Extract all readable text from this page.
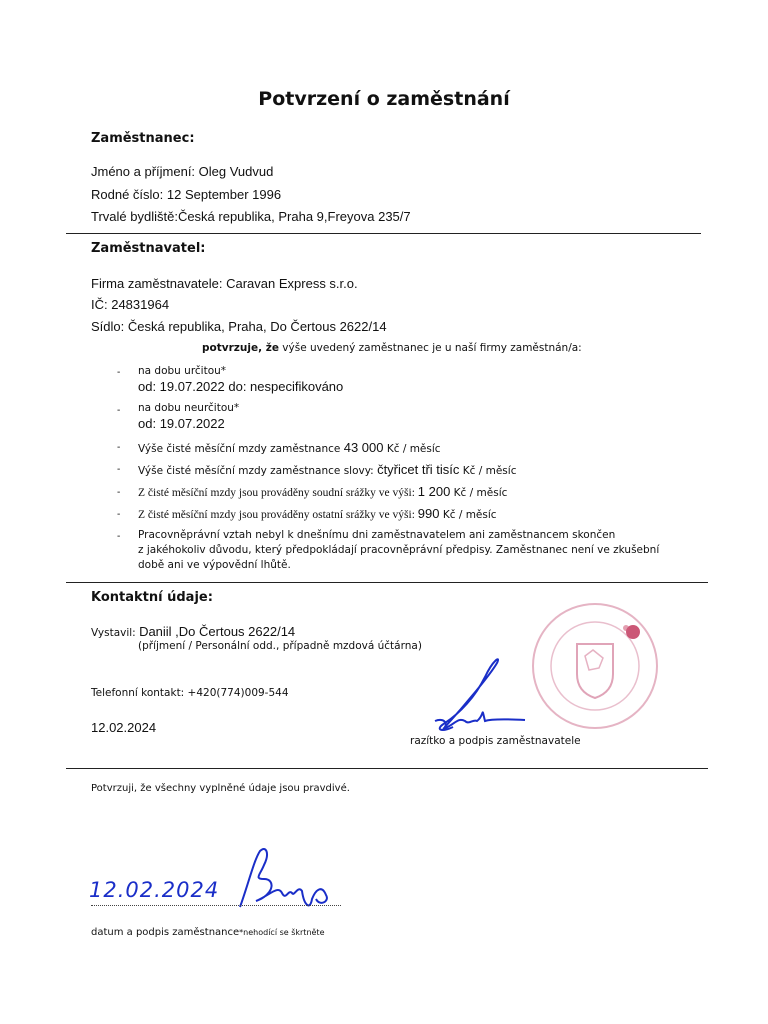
Potvrzení o zaměstnání
Zaměstnanec:
Jméno a příjmení: Oleg Vudvud
Rodné číslo: 12 September 1996
Trvalé bydliště:Česká republika, Praha 9,Freyova 235/7
Zaměstnavatel:
Firma zaměstnavatele: Caravan Express s.r.o.
IČ: 24831964
Sídlo: Česká republika, Praha, Do Čertous 2622/14
potvrzuje, že výše uvedený zaměstnanec je u naší firmy zaměstnán/a:
- na dobu určitou*
od: 19.07.2022 do: nespecifikováno
- na dobu neurčitou*
od: 19.07.2022
- Výše čisté měsíční mzdy zaměstnance 43 000 Kč / měsíc
- Výše čisté měsíční mzdy zaměstnance slovy: čtyřicet tři tisíc Kč / měsíc
- Z čisté měsíční mzdy jsou prováděny soudní srážky ve výši: 1 200 Kč / měsíc
- Z čisté měsíční mzdy jsou prováděny ostatní srážky ve výši: 990 Kč / měsíc
- Pracovněprávní vztah nebyl k dnešnímu dni zaměstnavatelem ani zaměstnancem skončen
z jakéhokoliv důvodu, který předpokládají pracovněprávní předpisy. Zaměstnanec není ve zkušební
době ani ve výpovědní lhůtě.
Kontaktní údaje:
Vystavil: Daniil ,Do Čertous 2622/14
(příjmení / Personální odd., případně mzdová účtárna)
Telefonní kontakt: +420(774)009-544
12.02.2024
razítko a podpis zaměstnavatele
Potvrzuji, že všechny vyplněné údaje jsou pravdivé.
12.02.2024
datum a podpis zaměstnance*nehodící se škrtněte
